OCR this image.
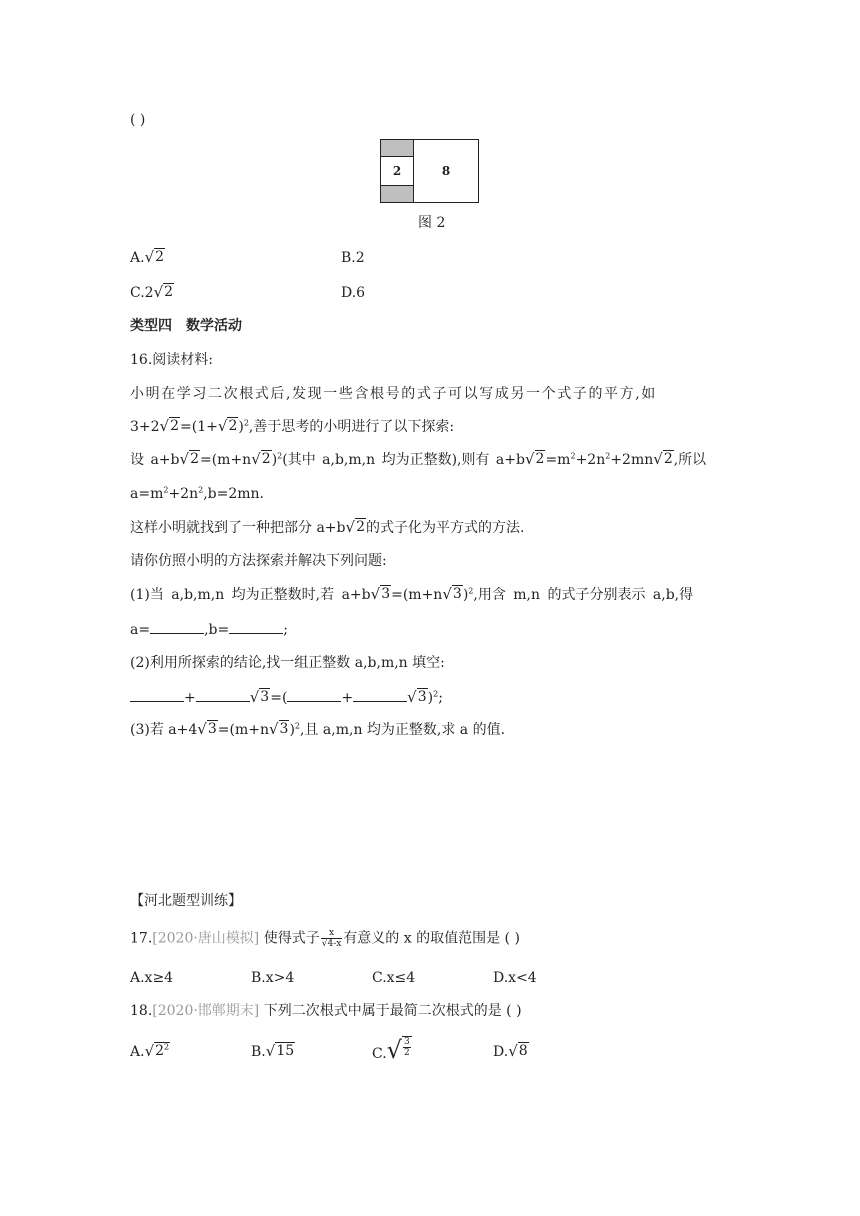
( )
2	8
图 2
A. √ 2	B.2
C.2 √ 2	D.6
类型四　数学活动
16.阅读材料:
小明在学习二次根式后,发现一些含根号的式子可以写成另一个式子的平方,如
3+2 √ 2 =(1+ √ 2 )$^2$,善于思考的小明进行了以下探索:
设 a+b √ 2 =(m+n √ 2 )$^2$(其中 a,b,m,n 均为正整数),则有 a+b √ $2 =m^2+2n^2+2mn$ √ 2 ,所以
$a=m^2+2n^2,b=2mn$.
这样小明就找到了一种把部分 a+b √ 2 的式子化为平方式的方法.
请你仿照小明的方法探索并解决下列问题:
(1)当 a,b,m,n 均为正整数时,若 a+b √ 3 =(m+n √ 3 )$^2$,用含 m,n 的式子分别表示 a,b,得
a=	,b=	;
(2)利用所探索的结论,找一组正整数 a,b,m,n 填空:
+	√ 3 =(	+	√ 3 )$^2$;
(3)若 a+4 √ 3 =(m+n √ 3 )$^2$,且 a,m,n 均为正整数,求 a 的值.
【河北题型训练】
17.[2020·唐山模拟] 使得式子 $\frac{x}{√4-x}$ 有意义的 x 的取值范围是 ( )
A.x≥4	B.x>4	C.x≤4	D.x<4
18.[2020·邯郸期末] 下列二次根式中属于最简二次根式的是 ( )
A. √ $2^2$	B. √ 15	C. √ $\frac{3}{2}$	D. √ 8
